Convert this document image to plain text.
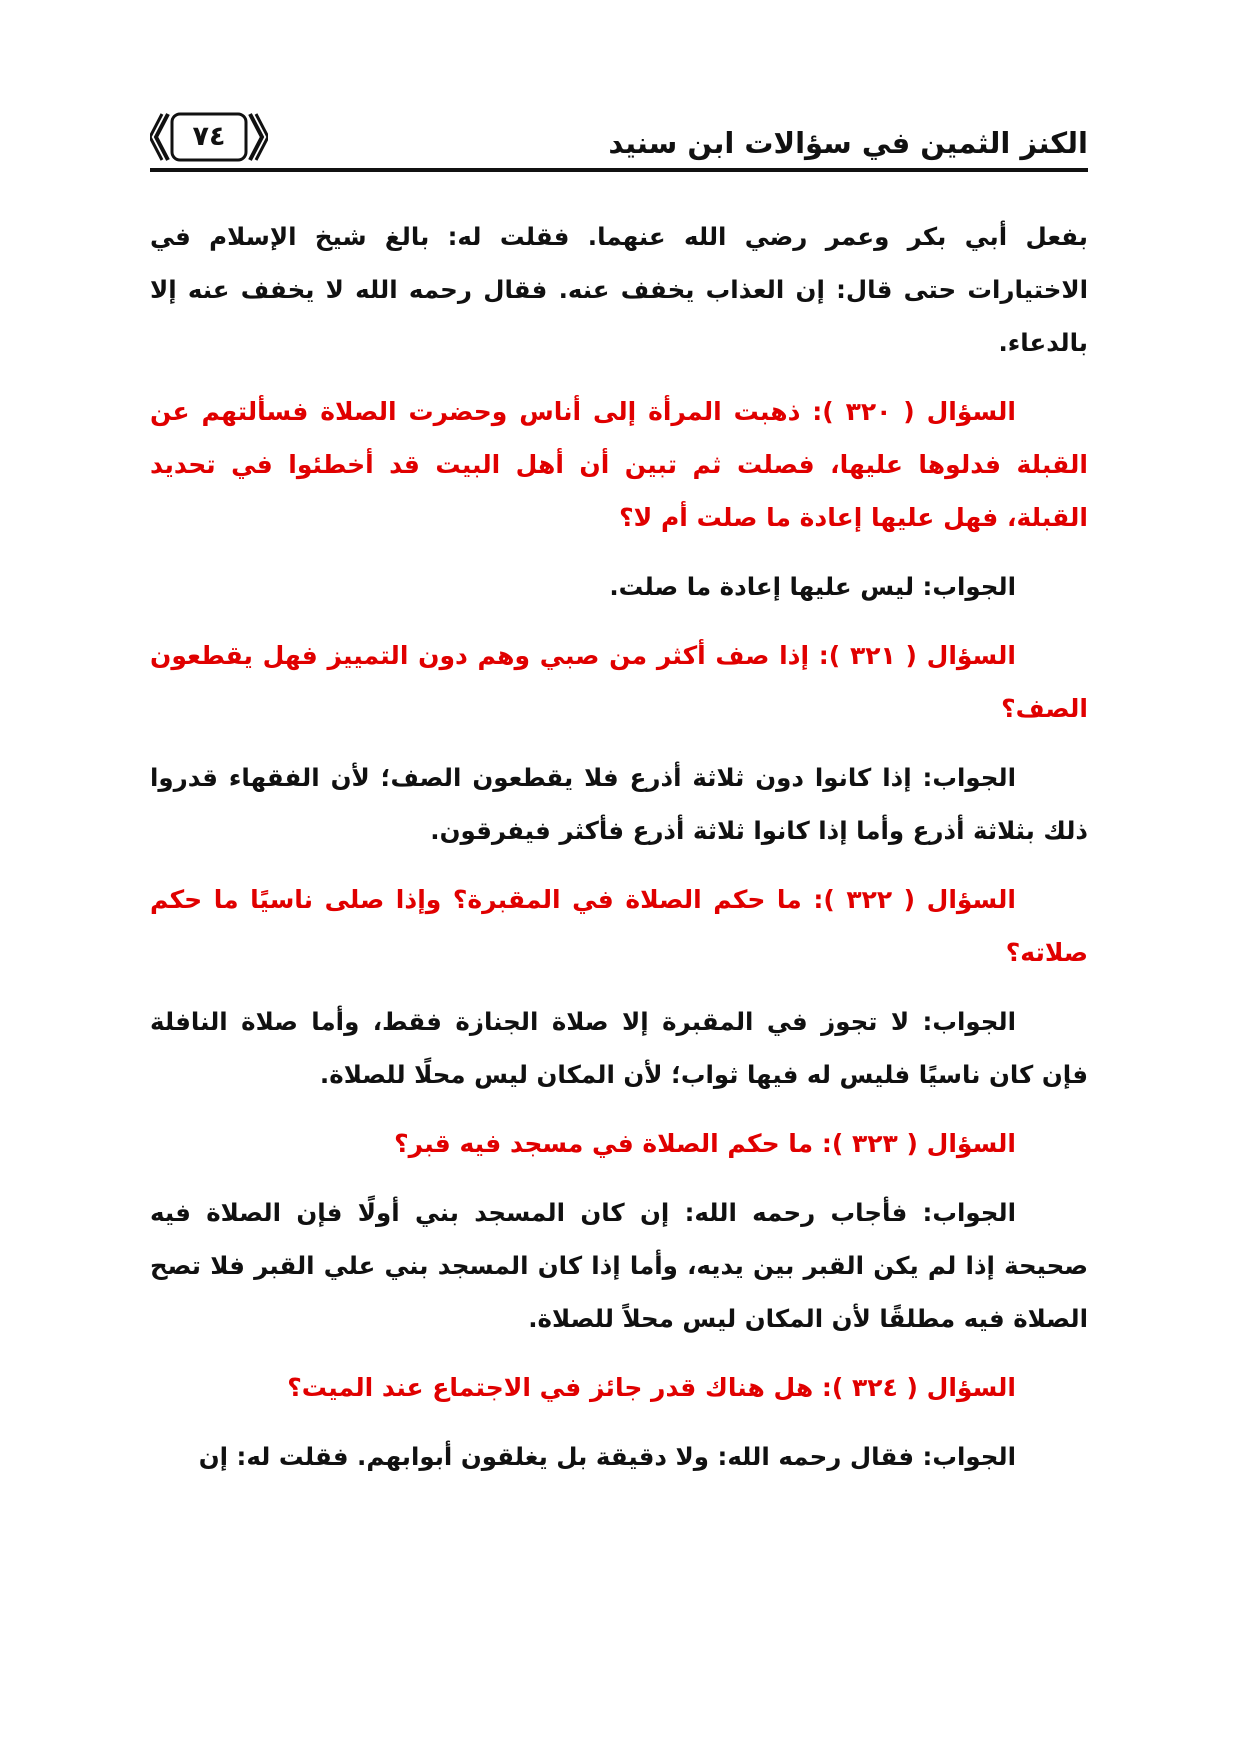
الكنز الثمين في سؤالات ابن سنيد
٧٤

بفعل أبي بكر وعمر رضي الله عنهما. فقلت له: بالغ شيخ الإسلام في الاختيارات حتى قال: إن العذاب يخفف عنه. فقال رحمه الله لا يخفف عنه إلا بالدعاء.

السؤال ( ٣٢٠ ): ذهبت المرأة إلى أناس وحضرت الصلاة فسألتهم عن القبلة فدلوها عليها، فصلت ثم تبين أن أهل البيت قد أخطئوا في تحديد القبلة، فهل عليها إعادة ما صلت أم لا؟

الجواب: ليس عليها إعادة ما صلت.

السؤال ( ٣٢١ ): إذا صف أكثر من صبي وهم دون التمييز فهل يقطعون الصف؟

الجواب: إذا كانوا دون ثلاثة أذرع فلا يقطعون الصف؛ لأن الفقهاء قدروا ذلك بثلاثة أذرع وأما إذا كانوا ثلاثة أذرع فأكثر فيفرقون.

السؤال ( ٣٢٢ ): ما حكم الصلاة في المقبرة؟ وإذا صلى ناسيًا ما حكم صلاته؟

الجواب: لا تجوز في المقبرة إلا صلاة الجنازة فقط، وأما صلاة النافلة فإن كان ناسيًا فليس له فيها ثواب؛ لأن المكان ليس محلًا للصلاة.

السؤال ( ٣٢٣ ): ما حكم الصلاة في مسجد فيه قبر؟

الجواب: فأجاب رحمه الله: إن كان المسجد بني أولًا فإن الصلاة فيه صحيحة إذا لم يكن القبر بين يديه، وأما إذا كان المسجد بني علي القبر فلا تصح الصلاة فيه مطلقًا لأن المكان ليس محلاً للصلاة.

السؤال ( ٣٢٤ ): هل هناك قدر جائز في الاجتماع عند الميت؟

الجواب: فقال رحمه الله: ولا دقيقة بل يغلقون أبوابهم. فقلت له: إن
